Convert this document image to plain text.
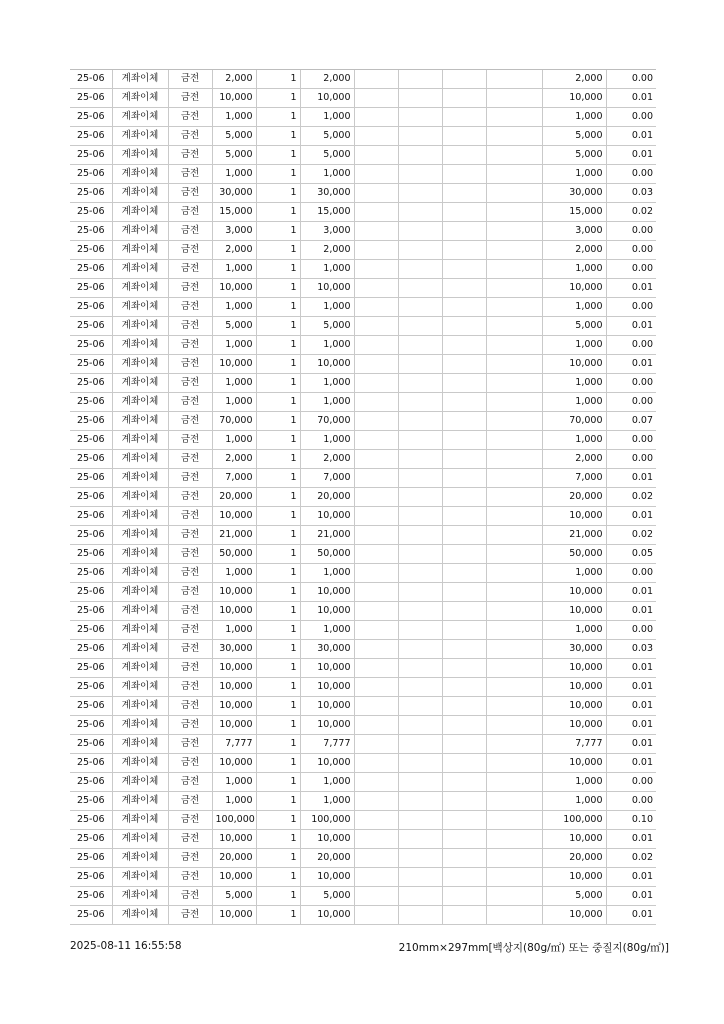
25-06	계좌이체	금전	2,000	1	2,000					2,000	0.00
25-06	계좌이체	금전	10,000	1	10,000					10,000	0.01
25-06	계좌이체	금전	1,000	1	1,000					1,000	0.00
25-06	계좌이체	금전	5,000	1	5,000					5,000	0.01
25-06	계좌이체	금전	5,000	1	5,000					5,000	0.01
25-06	계좌이체	금전	1,000	1	1,000					1,000	0.00
25-06	계좌이체	금전	30,000	1	30,000					30,000	0.03
25-06	계좌이체	금전	15,000	1	15,000					15,000	0.02
25-06	계좌이체	금전	3,000	1	3,000					3,000	0.00
25-06	계좌이체	금전	2,000	1	2,000					2,000	0.00
25-06	계좌이체	금전	1,000	1	1,000					1,000	0.00
25-06	계좌이체	금전	10,000	1	10,000					10,000	0.01
25-06	계좌이체	금전	1,000	1	1,000					1,000	0.00
25-06	계좌이체	금전	5,000	1	5,000					5,000	0.01
25-06	계좌이체	금전	1,000	1	1,000					1,000	0.00
25-06	계좌이체	금전	10,000	1	10,000					10,000	0.01
25-06	계좌이체	금전	1,000	1	1,000					1,000	0.00
25-06	계좌이체	금전	1,000	1	1,000					1,000	0.00
25-06	계좌이체	금전	70,000	1	70,000					70,000	0.07
25-06	계좌이체	금전	1,000	1	1,000					1,000	0.00
25-06	계좌이체	금전	2,000	1	2,000					2,000	0.00
25-06	계좌이체	금전	7,000	1	7,000					7,000	0.01
25-06	계좌이체	금전	20,000	1	20,000					20,000	0.02
25-06	계좌이체	금전	10,000	1	10,000					10,000	0.01
25-06	계좌이체	금전	21,000	1	21,000					21,000	0.02
25-06	계좌이체	금전	50,000	1	50,000					50,000	0.05
25-06	계좌이체	금전	1,000	1	1,000					1,000	0.00
25-06	계좌이체	금전	10,000	1	10,000					10,000	0.01
25-06	계좌이체	금전	10,000	1	10,000					10,000	0.01
25-06	계좌이체	금전	1,000	1	1,000					1,000	0.00
25-06	계좌이체	금전	30,000	1	30,000					30,000	0.03
25-06	계좌이체	금전	10,000	1	10,000					10,000	0.01
25-06	계좌이체	금전	10,000	1	10,000					10,000	0.01
25-06	계좌이체	금전	10,000	1	10,000					10,000	0.01
25-06	계좌이체	금전	10,000	1	10,000					10,000	0.01
25-06	계좌이체	금전	7,777	1	7,777					7,777	0.01
25-06	계좌이체	금전	10,000	1	10,000					10,000	0.01
25-06	계좌이체	금전	1,000	1	1,000					1,000	0.00
25-06	계좌이체	금전	1,000	1	1,000					1,000	0.00
25-06	계좌이체	금전	100,000	1	100,000					100,000	0.10
25-06	계좌이체	금전	10,000	1	10,000					10,000	0.01
25-06	계좌이체	금전	20,000	1	20,000					20,000	0.02
25-06	계좌이체	금전	10,000	1	10,000					10,000	0.01
25-06	계좌이체	금전	5,000	1	5,000					5,000	0.01
25-06	계좌이체	금전	10,000	1	10,000					10,000	0.01
2025-08-11 16:55:58	210mm×297mm[백상지(80g/㎡) 또는 중질지(80g/㎡)]
